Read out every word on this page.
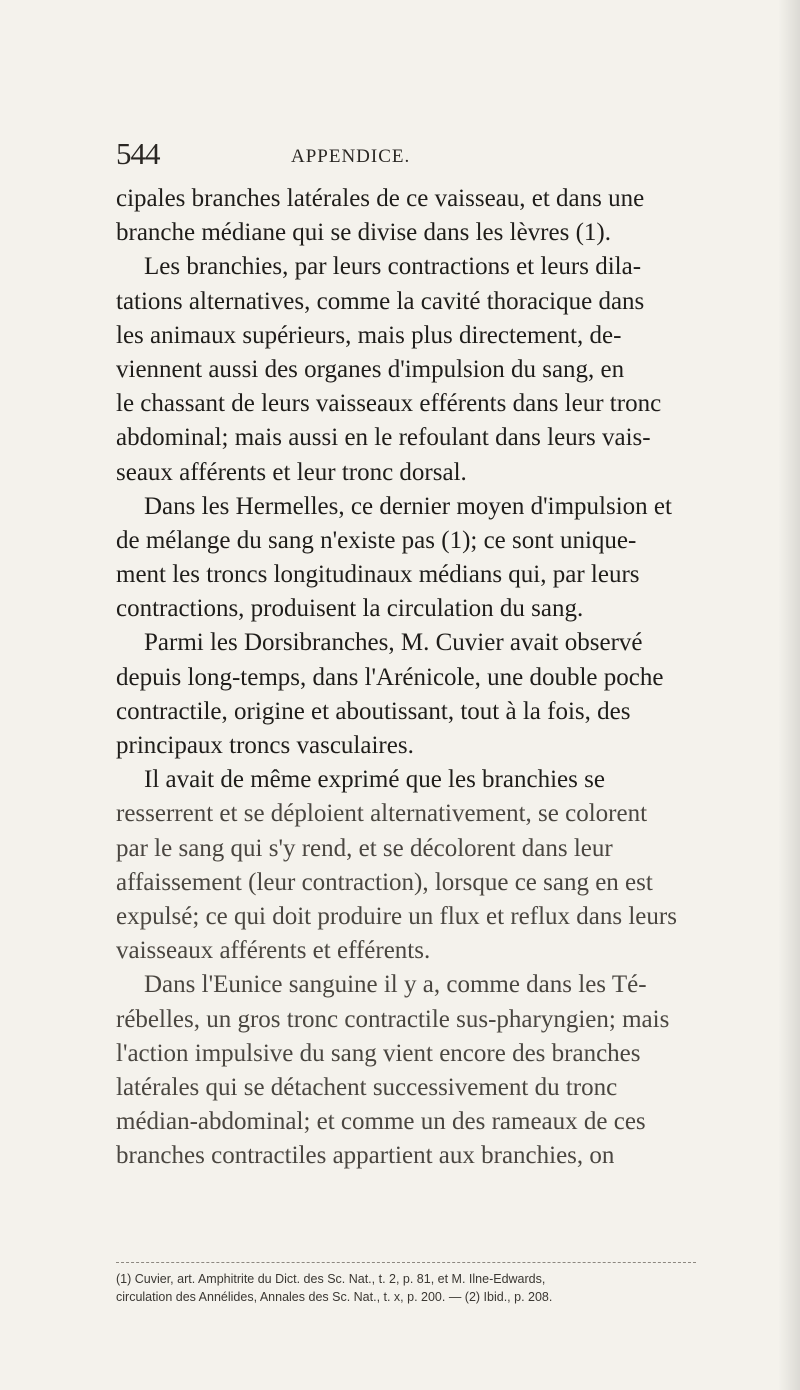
544	APPENDICE.
cipales branches latérales de ce vaisseau, et dans une
branche médiane qui se divise dans les lèvres (1).
Les branchies, par leurs contractions et leurs dila-
tations alternatives, comme la cavité thoracique dans
les animaux supérieurs, mais plus directement, de-
viennent aussi des organes d'impulsion du sang, en
le chassant de leurs vaisseaux efférents dans leur tronc
abdominal; mais aussi en le refoulant dans leurs vais-
seaux afférents et leur tronc dorsal.
Dans les Hermelles, ce dernier moyen d'impulsion et
de mélange du sang n'existe pas (1); ce sont unique-
ment les troncs longitudinaux médians qui, par leurs
contractions, produisent la circulation du sang.
Parmi les Dorsibranches, M. Cuvier avait observé
depuis long-temps, dans l'Arénicole, une double poche
contractile, origine et aboutissant, tout à la fois, des
principaux troncs vasculaires.
Il avait de même exprimé que les branchies se
resserrent et se déploient alternativement, se colorent
par le sang qui s'y rend, et se décolorent dans leur
affaissement (leur contraction), lorsque ce sang en est
expulsé; ce qui doit produire un flux et reflux dans leurs
vaisseaux afférents et efférents.
Dans l'Eunice sanguine il y a, comme dans les Té-
rébelles, un gros tronc contractile sus-pharyngien; mais
l'action impulsive du sang vient encore des branches
latérales qui se détachent successivement du tronc
médian-abdominal; et comme un des rameaux de ces
branches contractiles appartient aux branchies, on
(1) Cuvier, art. Amphitrite du Dict. des Sc. Nat., t. 2, p. 81, et M. Ilne-Edwards,
circulation des Annélides, Annales des Sc. Nat., t. x, p. 200. — (2) Ibid., p. 208.
